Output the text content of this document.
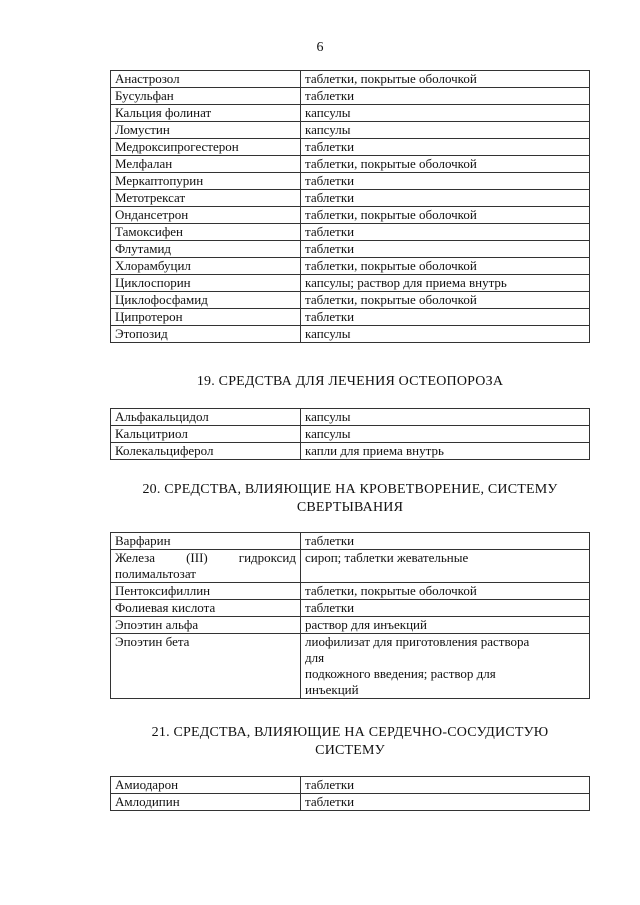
6
Анастрозол	таблетки, покрытые оболочкой
Бусульфан	таблетки
Кальция фолинат	капсулы
Ломустин	капсулы
Медроксипрогестерон	таблетки
Мелфалан	таблетки, покрытые оболочкой
Меркаптопурин	таблетки
Метотрексат	таблетки
Ондансетрон	таблетки, покрытые оболочкой
Тамоксифен	таблетки
Флутамид	таблетки
Хлорамбуцил	таблетки, покрытые оболочкой
Циклоспорин	капсулы; раствор для приема внутрь
Циклофосфамид	таблетки, покрытые оболочкой
Ципротерон	таблетки
Этопозид	капсулы
19. СРЕДСТВА ДЛЯ ЛЕЧЕНИЯ ОСТЕОПОРОЗА
Альфакальцидол	капсулы
Кальцитриол	капсулы
Колекальциферол	капли для приема внутрь
20. СРЕДСТВА, ВЛИЯЮЩИЕ НА КРОВЕТВОРЕНИЕ, СИСТЕМУ
СВЕРТЫВАНИЯ
Варфарин	таблетки

Железа (III) гидроксид
полимальтозат	сироп; таблетки жевательные
Пентоксифиллин	таблетки, покрытые оболочкой
Фолиевая кислота	таблетки
Эпоэтин альфа	раствор для инъекций
Эпоэтин бета	лиофилизат для приготовления раствора
для
подкожного введения; раствор для
инъекций
21. СРЕДСТВА, ВЛИЯЮЩИЕ НА СЕРДЕЧНО-СОСУДИСТУЮ
СИСТЕМУ
Амиодарон	таблетки
Амлодипин	таблетки
